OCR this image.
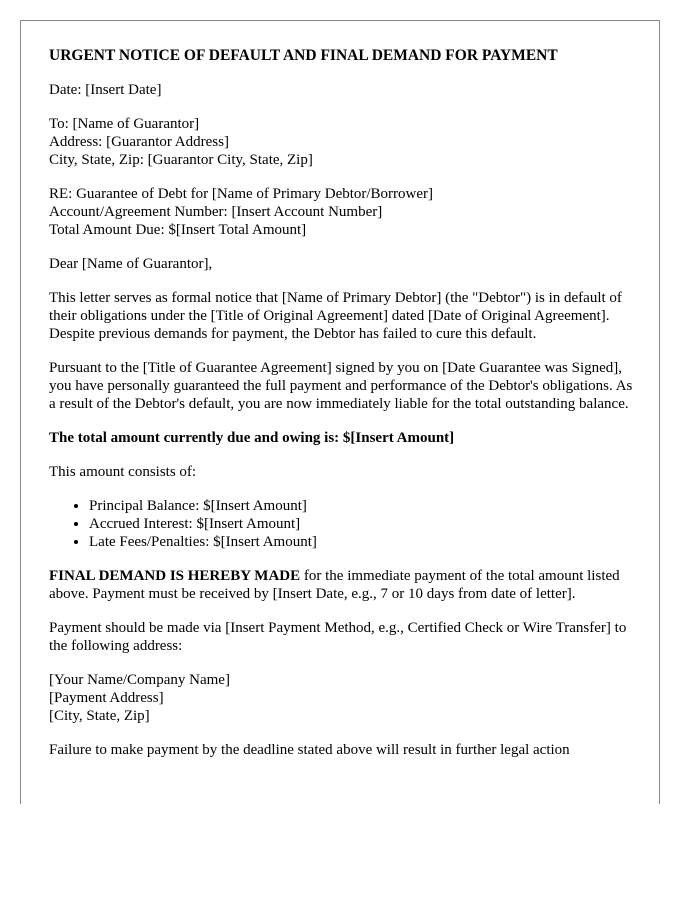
URGENT NOTICE OF DEFAULT AND FINAL DEMAND FOR PAYMENT

Date: [Insert Date]

To: [Name of Guarantor]
Address: [Guarantor Address]
City, State, Zip: [Guarantor City, State, Zip]

RE: Guarantee of Debt for [Name of Primary Debtor/Borrower]
Account/Agreement Number: [Insert Account Number]
Total Amount Due: $[Insert Total Amount]

Dear [Name of Guarantor],

This letter serves as formal notice that [Name of Primary Debtor] (the "Debtor") is in default of their obligations under the [Title of Original Agreement] dated [Date of Original Agreement]. Despite previous demands for payment, the Debtor has failed to cure this default.

Pursuant to the [Title of Guarantee Agreement] signed by you on [Date Guarantee was Signed], you have personally guaranteed the full payment and performance of the Debtor's obligations. As a result of the Debtor's default, you are now immediately liable for the total outstanding balance.

The total amount currently due and owing is: $[Insert Amount]

This amount consists of:

• Principal Balance: $[Insert Amount]
• Accrued Interest: $[Insert Amount]
• Late Fees/Penalties: $[Insert Amount]

FINAL DEMAND IS HEREBY MADE for the immediate payment of the total amount listed above. Payment must be received by [Insert Date, e.g., 7 or 10 days from date of letter].

Payment should be made via [Insert Payment Method, e.g., Certified Check or Wire Transfer] to the following address:

[Your Name/Company Name]
[Payment Address]
[City, State, Zip]

Failure to make payment by the deadline stated above will result in further legal action
